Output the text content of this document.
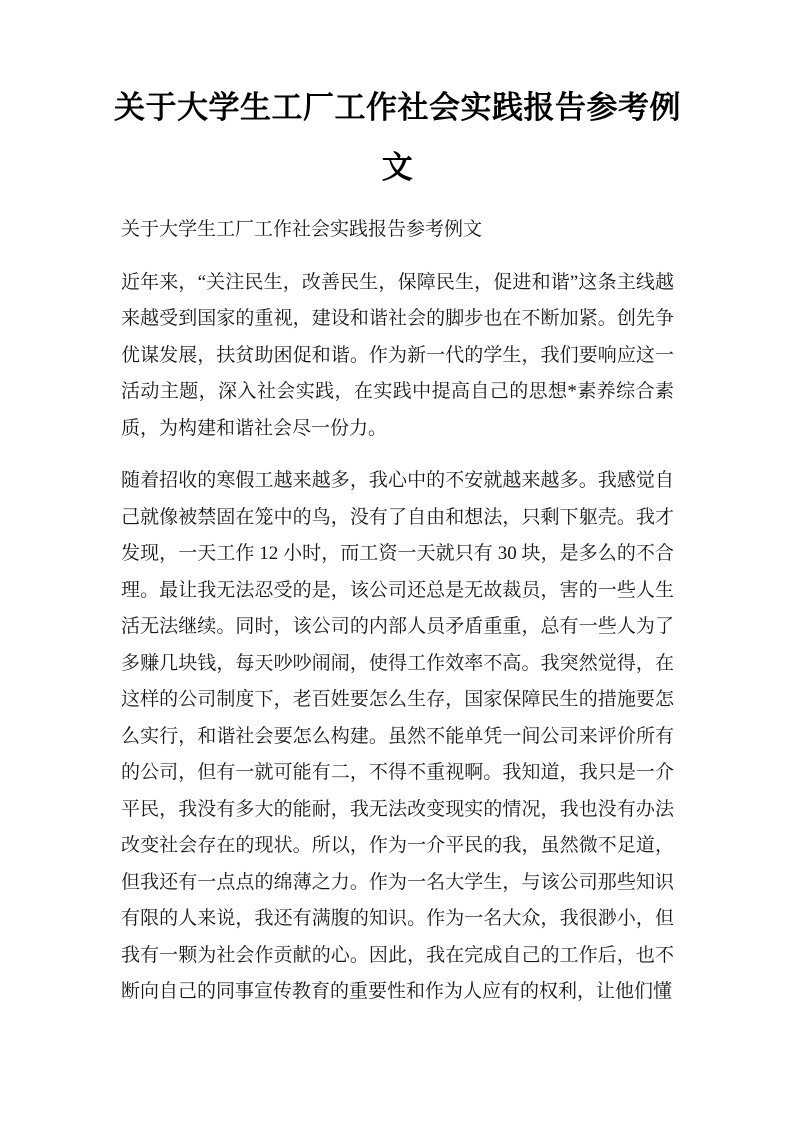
关于大学生工厂工作社会实践报告参考例
文

关于大学生工厂工作社会实践报告参考例文

近年来，“关注民生，改善民生，保障民生，促进和谐”这条主线越来越受到国家的重视，建设和谐社会的脚步也在不断加紧。创先争优谋发展，扶贫助困促和谐。作为新一代的学生，我们要响应这一活动主题，深入社会实践，在实践中提高自己的思想*素养综合素质，为构建和谐社会尽一份力。

随着招收的寒假工越来越多，我心中的不安就越来越多。我感觉自己就像被禁固在笼中的鸟，没有了自由和想法，只剩下躯壳。我才发现，一天工作 12 小时，而工资一天就只有 30 块，是多么的不合理。最让我无法忍受的是，该公司还总是无故裁员，害的一些人生活无法继续。同时，该公司的内部人员矛盾重重，总有一些人为了多赚几块钱，每天吵吵闹闹，使得工作效率不高。我突然觉得，在这样的公司制度下，老百姓要怎么生存，国家保障民生的措施要怎么实行，和谐社会要怎么构建。虽然不能单凭一间公司来评价所有的公司，但有一就可能有二，不得不重视啊。我知道，我只是一介平民，我没有多大的能耐，我无法改变现实的情况，我也没有办法改变社会存在的现状。所以，作为一介平民的我，虽然微不足道，但我还有一点点的绵薄之力。作为一名大学生，与该公司那些知识有限的人来说，我还有满腹的知识。作为一名大众，我很渺小，但我有一颗为社会作贡献的心。因此，我在完成自己的工作后，也不断向自己的同事宣传教育的重要性和作为人应有的权利，让他们懂
